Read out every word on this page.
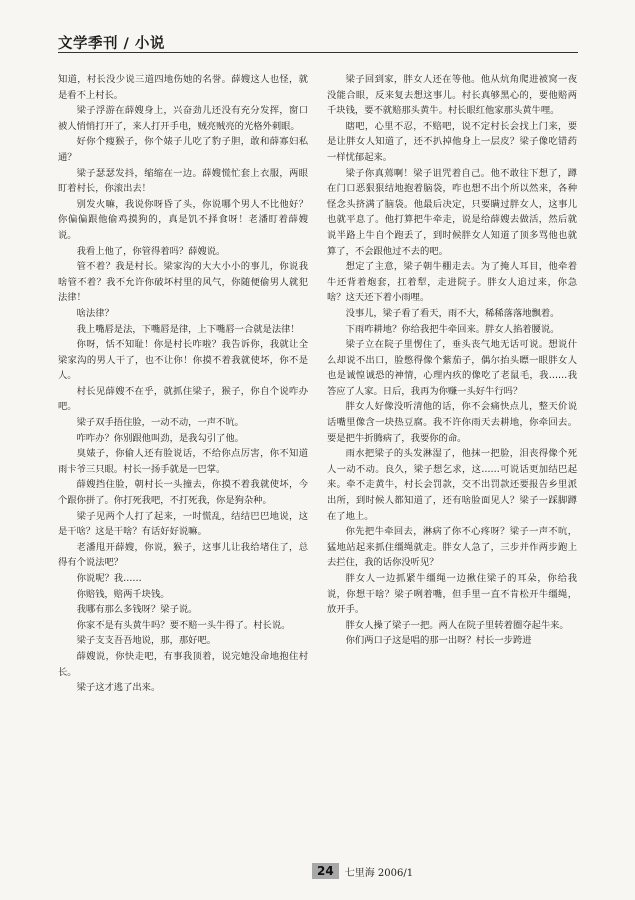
文学季刊 / 小说

知道，村长没少说三道四地伤她的名誉。薛嫂这人也怪，就是看不上村长。

梁子浮游在薛嫂身上，兴奋劲儿还没有充分发挥，窗口被人悄悄打开了，来人打开手电，贼亮贼亮的光格外刺眼。

好你个瘦猴子，你个婊子儿吃了豹子胆，敢和薛寡妇私通？

梁子瑟瑟发抖，缩缩在一边。薛嫂慌忙套上衣服，两眼盯着村长，你滚出去！

别发火嘛，我说你呀昏了头，你说哪个男人不比他好？你偏偏跟他偷鸡摸狗的，真是饥不择食呀！老潘盯着薛嫂说。

我看上他了，你管得着吗？薛嫂说。

管不着？我是村长。梁家沟的大大小小的事儿，你说我啥管不着？我不允许你破坏村里的风气，你随便偷男人就犯法律！

啥法律？

我上嘴唇是法，下嘴唇是律，上下嘴唇一合就是法律！

你呀，恬不知耻！你是村长咋啦？我告诉你，我就让全梁家沟的男人干了，也不让你！你摸不着我就使坏，你不是人。

村长见薛嫂不在乎，就抓住梁子，猴子，你自个说咋办吧。

梁子双手捂住脸，一动不动，一声不吭。

咋咋办？你别跟他叫劲，是我勾引了他。

臭婊子，你偷人还有脸说话，不给你点厉害，你不知道雨卡爷三只眼。村长一扬手就是一巴掌。

薛嫂挡住脸，朝村长一头撞去，你摸不着我就使坏，今个跟你拼了。你打死我吧，不打死我，你是狗杂种。

梁子见两个人打了起来，一时慌乱，结结巴巴地说，这是干啥？这是干啥？有话好好说嘛。

老潘甩开薛嫂，你说，猴子，这事儿让我给堵住了，总得有个说法吧？

你说呢？我……

你赔钱，赔两千块钱。

我哪有那么多钱呀？梁子说。

你家不是有头黄牛吗？要不赔一头牛得了。村长说。

梁子支支吾吾地说，那，那好吧。

薛嫂说，你快走吧，有事我顶着，说完她没命地抱住村长。

梁子这才逃了出来。

梁子回到家，胖女人还在等他。他从炕角爬进被窝一夜没能合眼，反来复去想这事儿。村长真够黑心的，要他赔两千块钱，要不就赔那头黄牛。村长眼红他家那头黄牛哩。

瞎吧，心里不忍，不赔吧，说不定村长会找上门来，要是让胖女人知道了，还不扒掉他身上一层皮？梁子像吃错药一样忧郁起来。

梁子你真蔫啊！梁子诅咒着自己。他不敢往下想了，蹲在门口恶狠狠结地抱着脑袋，咋也想不出个所以然来，各种怪念头挤满了脑袋。他最后决定，只要瞒过胖女人，这事儿也就平息了。他打算把牛牵走，说是给薛嫂去做活，然后就说半路上牛自个跑丢了，到时候胖女人知道了顶多骂他也就算了，不会跟他过不去的吧。

想定了主意，梁子朝牛棚走去。为了掩人耳目，他牵着牛还背着炮套，扛着犁，走进院子。胖女人追过来，你急啥？这天还下着小雨哩。

没事儿，梁子看了看天，雨不大，稀稀落落地飘着。

下雨咋耕地？你给我把牛牵回来。胖女人掐着腰说。

梁子立在院子里愣住了，垂头丧气地无话可说。想说什么却说不出口，脸憋得像个紫茄子，偶尔抬头瞟一眼胖女人也是诚惶诚恐的神情，心理内疚的像吃了老鼠毛，我……我答应了人家。日后，我再为你赚一头好牛行吗？

胖女人好像没听清他的话，你不会痛快点儿，整天价说话嘴里像含一块热豆腐。我不许你雨天去耕地，你牵回去。要是把牛折腾病了，我要你的命。

雨水把梁子的头发淋湿了，他抹一把脸，泪丧得像个死人一动不动。良久，梁子想乞求，这……可说话更加结巴起来。牵不走黄牛，村长会罚款，交不出罚款还要报告乡里派出所，到时候人都知道了，还有啥脸面见人？梁子一踩脚蹲在了地上。

你先把牛牵回去，淋病了你不心疼呀？梁子一声不吭，猛地站起来抓住缰绳就走。胖女人急了，三步并作两步跑上去拦住，我的话你没听见？

胖女人一边抓紧牛缰绳一边揪住梁子的耳朵，你给我说，你想干啥？梁子咧着嘴，但手里一直不肯松开牛缰绳，放开手。

胖女人操了梁子一把。两人在院子里转着圈夺起牛来。

你们两口子这是唱的那一出呀？村长一步跨进

24	七里海 2006/1
